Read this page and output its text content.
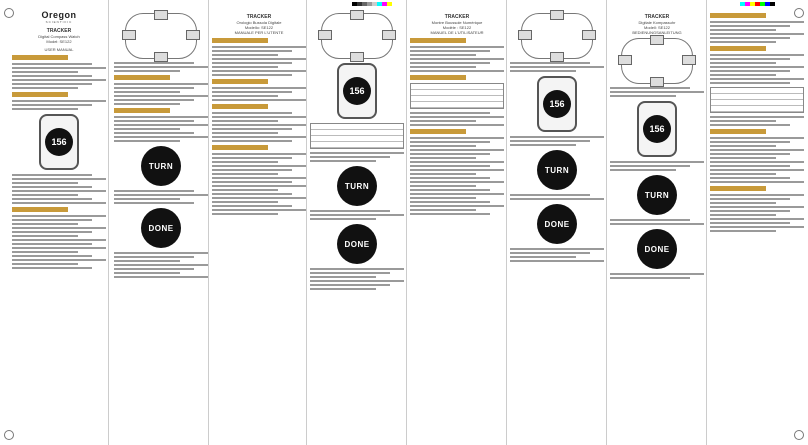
Oregon
SCIENTIFIC
TRACKER
Digital Compass Watch
Model: SE122
USER MANUAL
156
TURN
DONE
TRACKER
Orologio Bussola Digitale
Modello: SE122
MANUALE PER L'UTENTE
156
TURN
DONE
TRACKER
Montre Boussole Numérique
Modèle : SE122
MANUEL DE L'UTILISATEUR
156
TURN
DONE
TRACKER
Digitale Kompassuhr
Modell: SE122
BEDIENUNGSANLEITUNG
156
TURN
DONE
